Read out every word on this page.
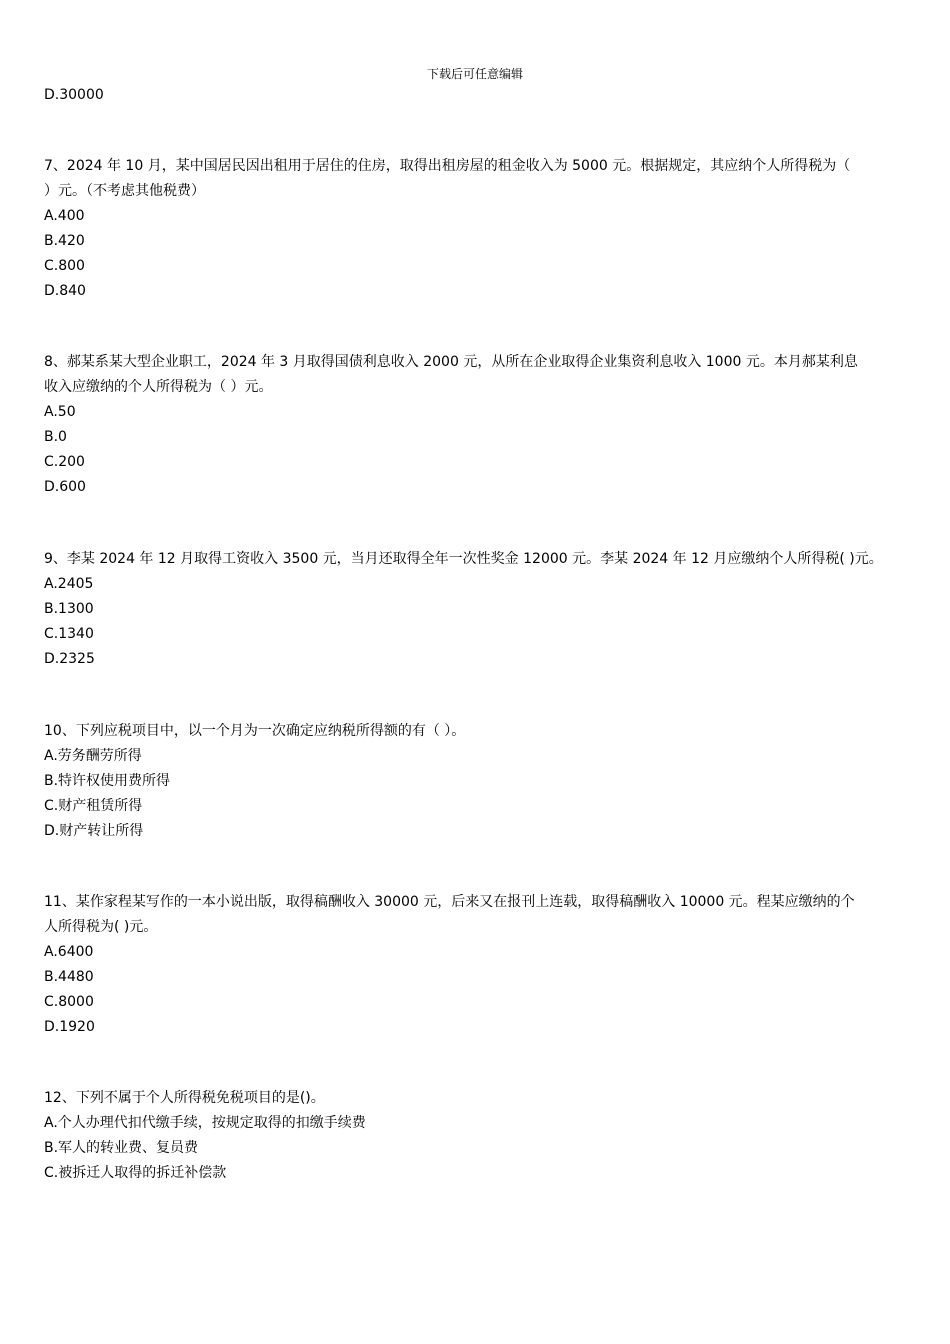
下载后可任意编辑
D.30000
7、2024 年 10 月，某中国居民因出租用于居住的住房，取得出租房屋的租金收入为 5000 元。根据规定，其应纳个人所得税为（
）元。（不考虑其他税费）
A.400
B.420
C.800
D.840
8、郝某系某大型企业职工，2024 年 3 月取得国债利息收入 2000 元，从所在企业取得企业集资利息收入 1000 元。本月郝某利息
收入应缴纳的个人所得税为（ ）元。
A.50
B.0
C.200
D.600
9、李某 2024 年 12 月取得工资收入 3500 元，当月还取得全年一次性奖金 12000 元。李某 2024 年 12 月应缴纳个人所得税( )元。
A.2405
B.1300
C.1340
D.2325
10、下列应税项目中，以一个月为一次确定应纳税所得额的有（ ）。
A.劳务酬劳所得
B.特许权使用费所得
C.财产租赁所得
D.财产转让所得
11、某作家程某写作的一本小说出版，取得稿酬收入 30000 元，后来又在报刊上连载，取得稿酬收入 10000 元。程某应缴纳的个
人所得税为( )元。
A.6400
B.4480
C.8000
D.1920
12、下列不属于个人所得税免税项目的是()。
A.个人办理代扣代缴手续，按规定取得的扣缴手续费
B.军人的转业费、复员费
C.被拆迁人取得的拆迁补偿款
